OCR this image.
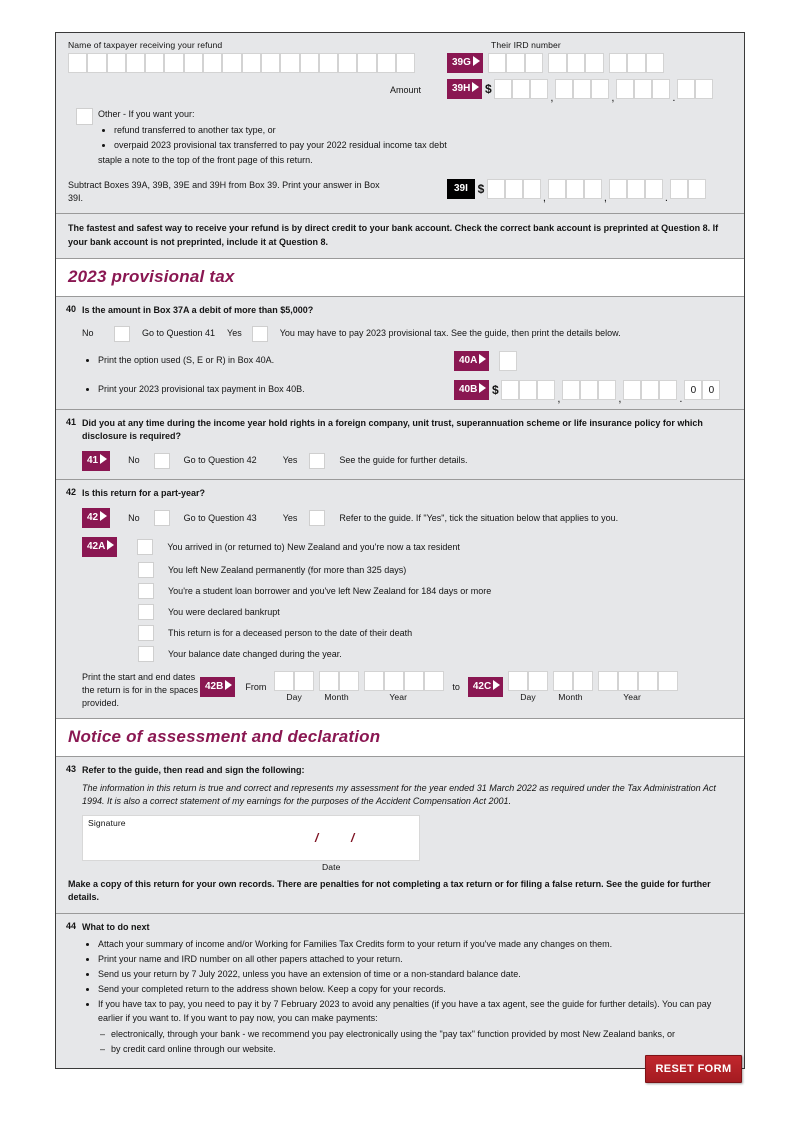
Name of taxpayer receiving your refund	Their IRD number
39G
Amount	39H	$
,	,	.
Other - If you want your:
• refund transferred to another tax type, or
• overpaid 2023 provisional tax transferred to pay your 2022 residual income tax debt
staple a note to the top of the front page of this return.
Subtract Boxes 39A, 39B, 39E and 39H from Box 39. Print your answer in Box 39I.
39I $
,	,	.
The fastest and safest way to receive your refund is by direct credit to your bank account. Check the correct bank account is preprinted at Question 8. If your bank account is not preprinted, include it at Question 8.
2023 provisional tax
40 Is the amount in Box 37A a debit of more than $5,000?
No	Go to Question 41 Yes	You may have to pay 2023 provisional tax. See the guide, then print the details below.
• Print the option used (S, E or R) in Box 40A.	40A
• Print your 2023 provisional tax payment in Box 40B.	40B	$
,	,	.0 0
41 Did you at any time during the income year hold rights in a foreign company, unit trust, superannuation scheme or life insurance policy for which disclosure is required?
41	No	Go to Question 42	Yes	See the guide for further details.
42 Is this return for a part-year?
42	No	Go to Question 43	Yes	Refer to the guide. If "Yes", tick the situation below that applies to you.
42A	You arrived in (or returned to) New Zealand and you're now a tax resident
You left New Zealand permanently (for more than 325 days)
You're a student loan borrower and you've left New Zealand for 184 days or more
You were declared bankrupt
This return is for a deceased person to the date of their death
Your balance date changed during the year.
Print the start and end dates the return is for in the spaces provided.
42B	From
Day	Month	Year
to	42C
Day	Month	Year
Notice of assessment and declaration
43 Refer to the guide, then read and sign the following:
The information in this return is true and correct and represents my assessment for the year ended 31 March 2022 as required under the Tax Administration Act 1994. It is also a correct statement of my earnings for the purposes of the Accident Compensation Act 2001.
Signature
/	/
Date
Make a copy of this return for your own records. There are penalties for not completing a tax return or for filing a false return. See the guide for further details.
44 What to do next
• Attach your summary of income and/or Working for Families Tax Credits form to your return if you've made any changes on them.
• Print your name and IRD number on all other papers attached to your return.
• Send us your return by 7 July 2022, unless you have an extension of time or a non-standard balance date.
• Send your completed return to the address shown below. Keep a copy for your records.
• If you have tax to pay, you need to pay it by 7 February 2023 to avoid any penalties (if you have a tax agent, see the guide for further details). You can pay earlier if you want to. If you want to pay now, you can make payments:
– electronically, through your bank - we recommend you pay electronically using the "pay tax" function provided by most New Zealand banks, or
– by credit card online through our website.
RESET FORM
